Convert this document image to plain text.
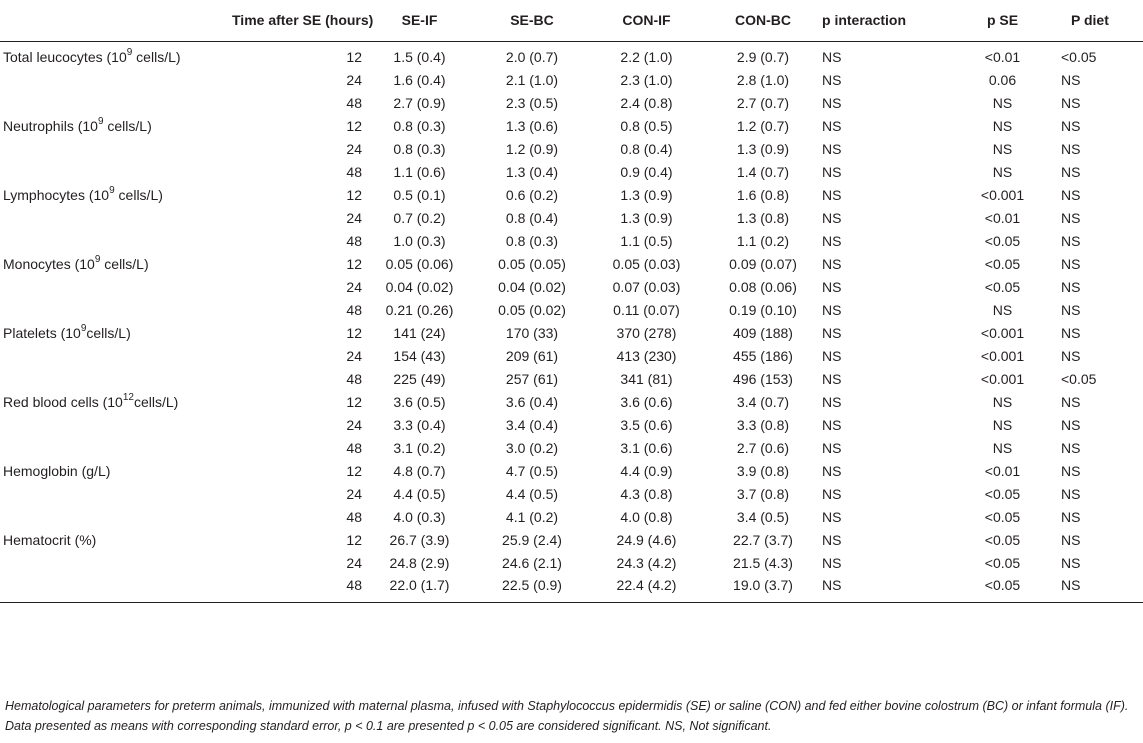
	Time after SE (hours)	SE-IF	SE-BC	CON-IF	CON-BC	p interaction	p SE	P diet
Total leucocytes ($10^9$ cells/L)	12	1.5 (0.4)	2.0 (0.7)	2.2 (1.0)	2.9 (0.7)	NS	<0.01	<0.05
	24	1.6 (0.4)	2.1 (1.0)	2.3 (1.0)	2.8 (1.0)	NS	0.06	NS
	48	2.7 (0.9)	2.3 (0.5)	2.4 (0.8)	2.7 (0.7)	NS	NS	NS
Neutrophils ($10^9$ cells/L)	12	0.8 (0.3)	1.3 (0.6)	0.8 (0.5)	1.2 (0.7)	NS	NS	NS
	24	0.8 (0.3)	1.2 (0.9)	0.8 (0.4)	1.3 (0.9)	NS	NS	NS
	48	1.1 (0.6)	1.3 (0.4)	0.9 (0.4)	1.4 (0.7)	NS	NS	NS
Lymphocytes ($10^9$ cells/L)	12	0.5 (0.1)	0.6 (0.2)	1.3 (0.9)	1.6 (0.8)	NS	<0.001	NS
	24	0.7 (0.2)	0.8 (0.4)	1.3 (0.9)	1.3 (0.8)	NS	<0.01	NS
	48	1.0 (0.3)	0.8 (0.3)	1.1 (0.5)	1.1 (0.2)	NS	<0.05	NS
Monocytes ($10^9$ cells/L)	12	0.05 (0.06)	0.05 (0.05)	0.05 (0.03)	0.09 (0.07)	NS	<0.05	NS
	24	0.04 (0.02)	0.04 (0.02)	0.07 (0.03)	0.08 (0.06)	NS	<0.05	NS
	48	0.21 (0.26)	0.05 (0.02)	0.11 (0.07)	0.19 (0.10)	NS	NS	NS
Platelets $(10^9cells/L)$	12	141 (24)	170 (33)	370 (278)	409 (188)	NS	<0.001	NS
	24	154 (43)	209 (61)	413 (230)	455 (186)	NS	<0.001	NS
	48	225 (49)	257 (61)	341 (81)	496 (153)	NS	<0.001	<0.05
Red blood cells $(10^{12}cells/L)$	12	3.6 (0.5)	3.6 (0.4)	3.6 (0.6)	3.4 (0.7)	NS	NS	NS
	24	3.3 (0.4)	3.4 (0.4)	3.5 (0.6)	3.3 (0.8)	NS	NS	NS
	48	3.1 (0.2)	3.0 (0.2)	3.1 (0.6)	2.7 (0.6)	NS	NS	NS
Hemoglobin (g/L)	12	4.8 (0.7)	4.7 (0.5)	4.4 (0.9)	3.9 (0.8)	NS	<0.01	NS
	24	4.4 (0.5)	4.4 (0.5)	4.3 (0.8)	3.7 (0.8)	NS	<0.05	NS
	48	4.0 (0.3)	4.1 (0.2)	4.0 (0.8)	3.4 (0.5)	NS	<0.05	NS
Hematocrit (%)	12	26.7 (3.9)	25.9 (2.4)	24.9 (4.6)	22.7 (3.7)	NS	<0.05	NS
	24	24.8 (2.9)	24.6 (2.1)	24.3 (4.2)	21.5 (4.3)	NS	<0.05	NS
	48	22.0 (1.7)	22.5 (0.9)	22.4 (4.2)	19.0 (3.7)	NS	<0.05	NS
Hematological parameters for preterm animals, immunized with maternal plasma, infused with Staphylococcus epidermidis (SE) or saline (CON) and fed either bovine colostrum (BC) or infant formula (IF). Data presented as means with corresponding standard error, p < 0.1 are presented p < 0.05 are considered significant. NS, Not significant.
